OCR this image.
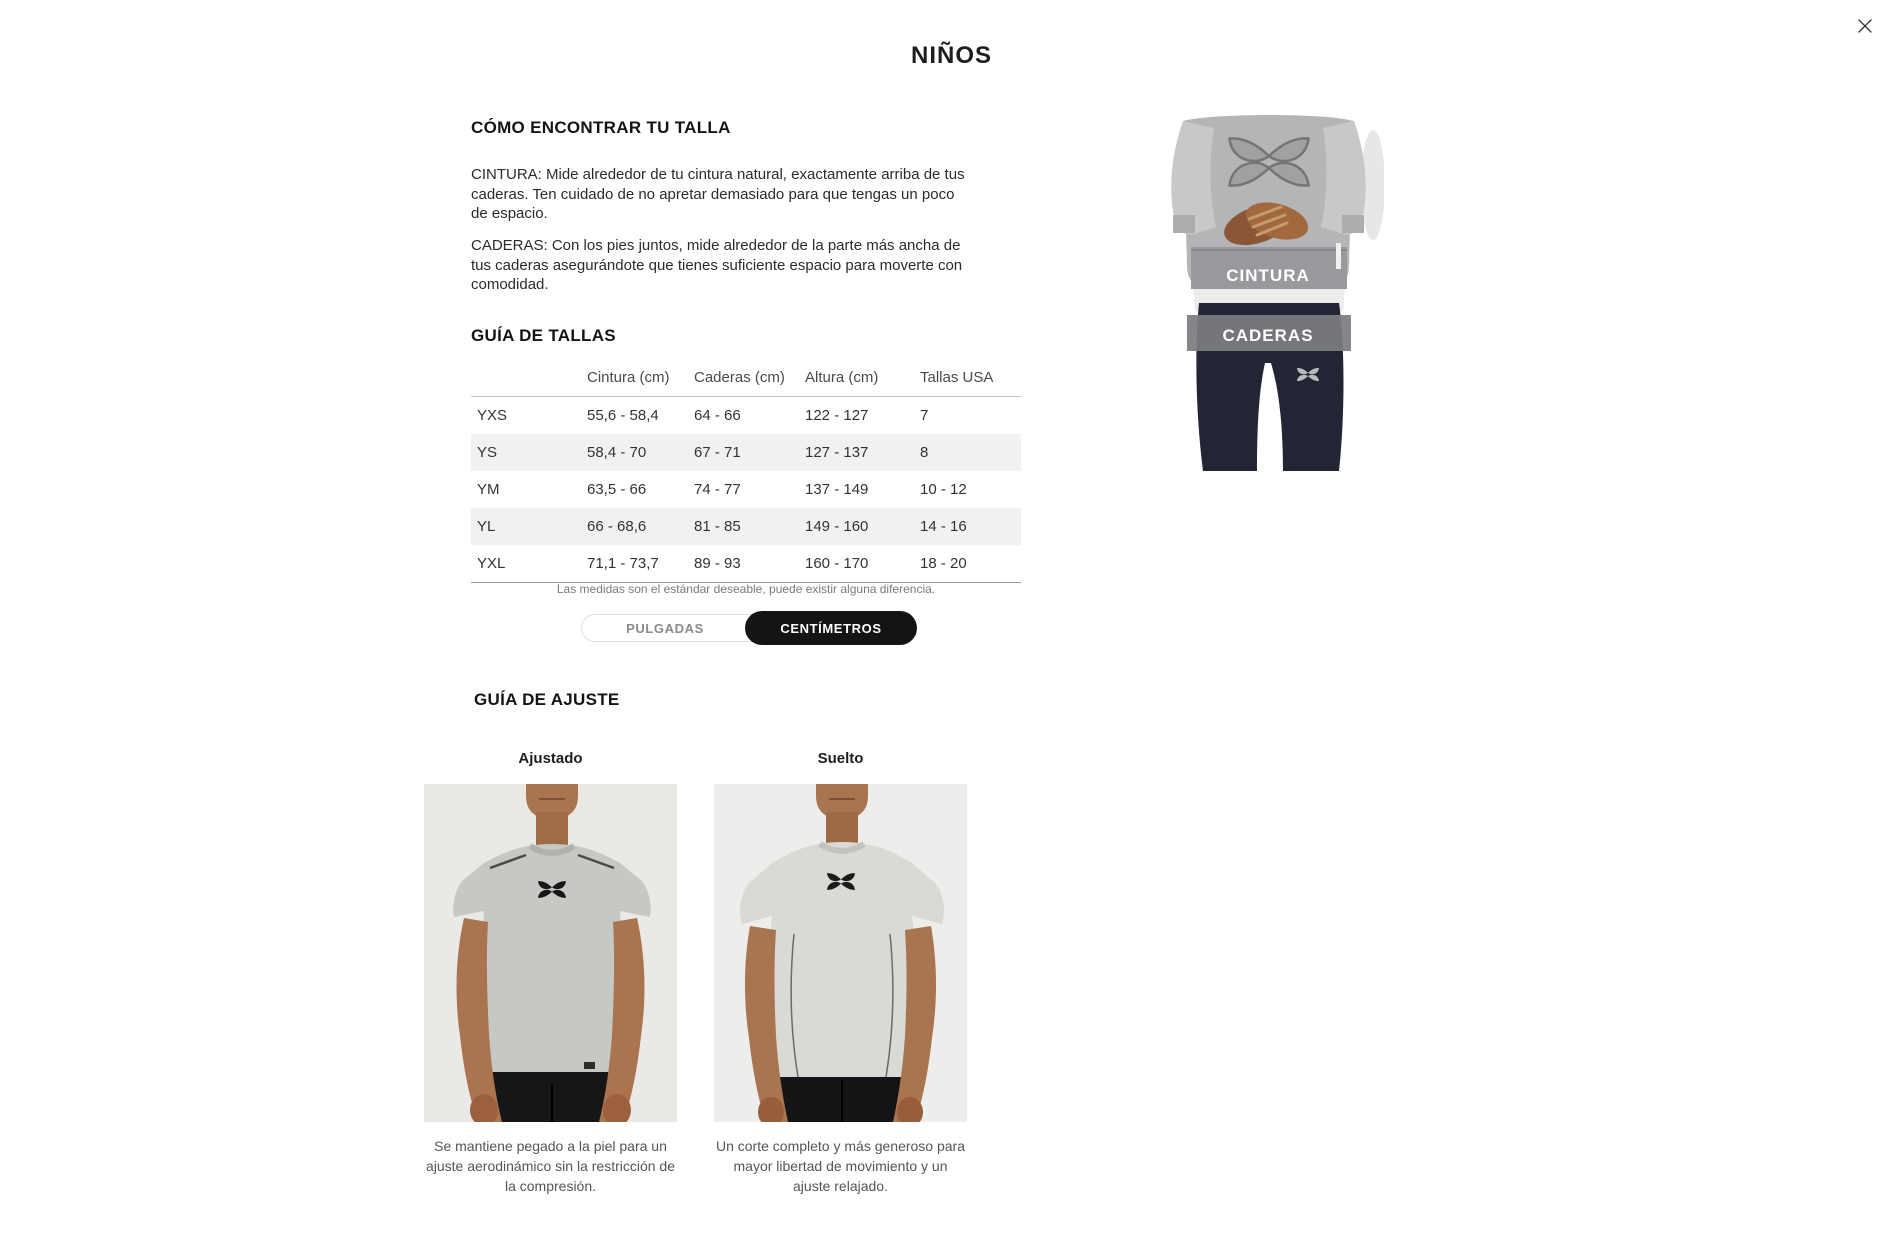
NIÑOS
CÓMO ENCONTRAR TU TALLA

CINTURA: Mide alrededor de tu cintura natural, exactamente arriba de tus caderas. Ten cuidado de no apretar demasiado para que tengas un poco de espacio.

CADERAS: Con los pies juntos, mide alrededor de la parte más ancha de tus caderas asegurándote que tienes suficiente espacio para moverte con comodidad.

GUÍA DE TALLAS
	Cintura (cm)	Caderas (cm)	Altura (cm)	Tallas USA
YXS	55,6 - 58,4	64 - 66	122 - 127	7
YS	58,4 - 70	67 - 71	127 - 137	8
YM	63,5 - 66	74 - 77	137 - 149	10 - 12
YL	66 - 68,6	81 - 85	149 - 160	14 - 16
YXL	71,1 - 73,7	89 - 93	160 - 170	18 - 20
Las medidas son el estándar deseable, puede existir alguna diferencia.
PULGADAS	CENTÍMETROS
GUÍA DE AJUSTE
Ajustado	Suelto
Se mantiene pegado a la piel para un ajuste aerodinámico sin la restricción de la compresión.
Un corte completo y más generoso para mayor libertad de movimiento y un ajuste relajado.
CINTURA
CADERAS
